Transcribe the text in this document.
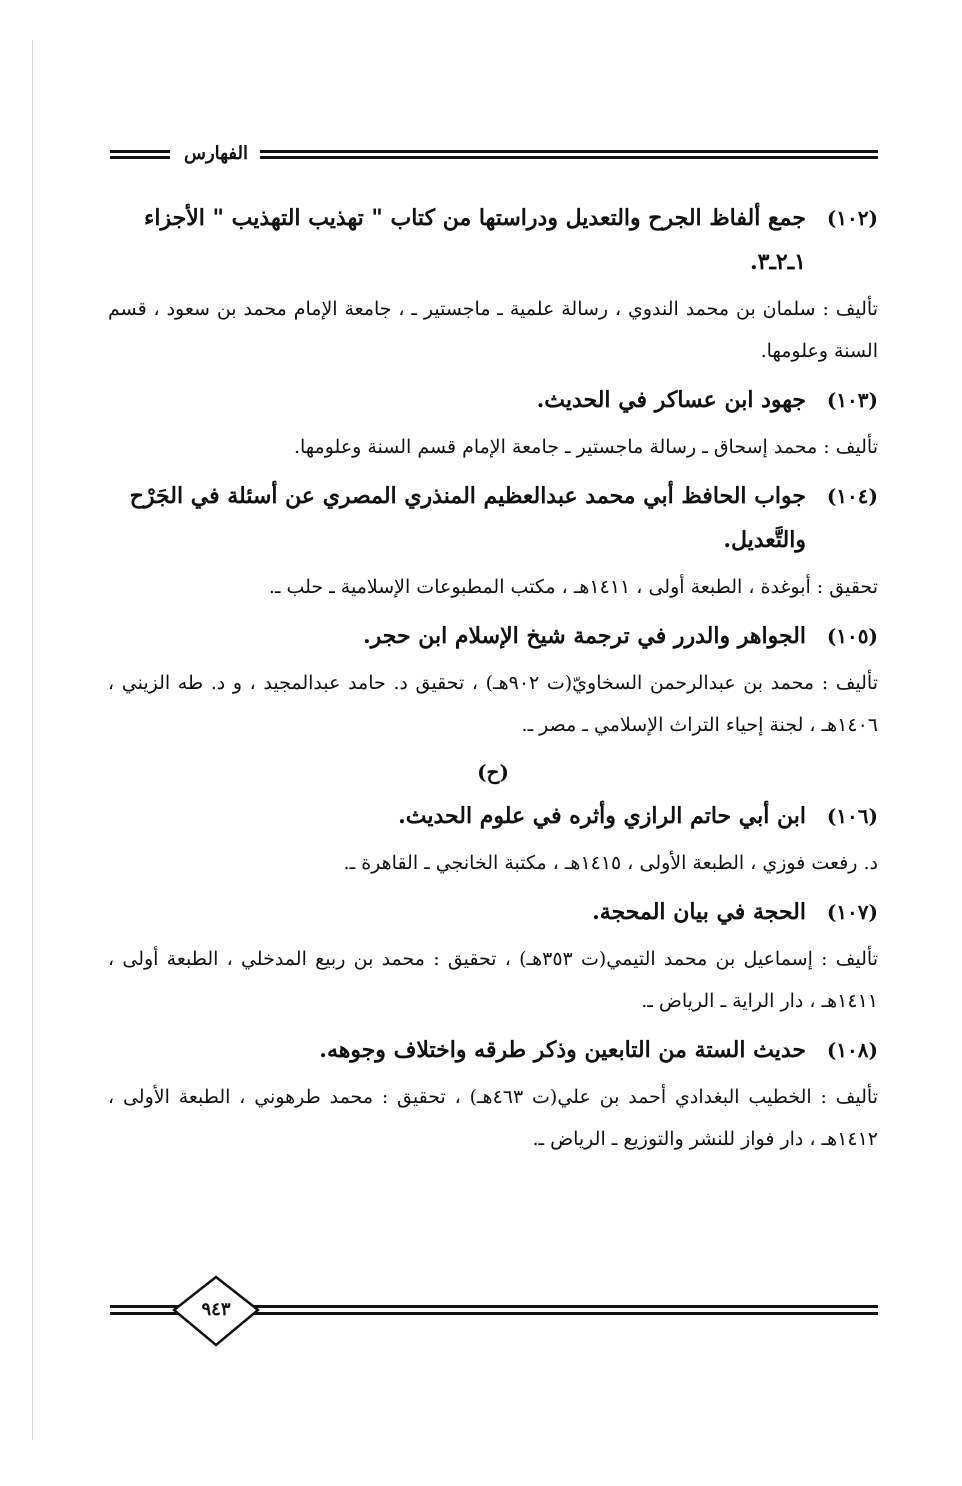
الفهارس
(١٠٢)
جمع ألفاظ الجرح والتعديل ودراستها من كتاب " تهذيب التهذيب " الأجزاء ١ـ٢ـ٣.
تأليف : سلمان بن محمد الندوي ، رسالة علمية ـ ماجستير ـ ، جامعة الإمام محمد بن سعود ، قسم السنة وعلومها.
(١٠٣)
جهود ابن عساكر في الحديث.
تأليف : محمد إسحاق ـ رسالة ماجستير ـ جامعة الإمام قسم السنة وعلومها.
(١٠٤)
جواب الحافظ أبي محمد عبدالعظيم المنذري المصري عن أسئلة في الجَرْح والتَّعديل.
تحقيق : أبوغدة ، الطبعة أولى ، ١٤١١هـ ، مكتب المطبوعات الإسلامية ـ حلب ـ.
(١٠٥)
الجواهر والدرر في ترجمة شيخ الإسلام ابن حجر.
تأليف : محمد بن عبدالرحمن السخاويّ(ت ٩٠٢هـ) ، تحقيق د. حامد عبدالمجيد ، و د. طه الزيني ، ١٤٠٦هـ ، لجنة إحياء التراث الإسلامي ـ مصر ـ.
(ح)
(١٠٦)
ابن أبي حاتم الرازي وأثره في علوم الحديث.
د. رفعت فوزي ، الطبعة الأولى ، ١٤١٥هـ ، مكتبة الخانجي ـ القاهرة ـ.
(١٠٧)
الحجة في بيان المحجة.
تأليف : إسماعيل بن محمد التيمي(ت ٣٥٣هـ) ، تحقيق : محمد بن ربيع المدخلي ، الطبعة أولى ، ١٤١١هـ ، دار الراية ـ الرياض ـ.
(١٠٨)
حديث الستة من التابعين وذكر طرقه واختلاف وجوهه.
تأليف : الخطيب البغدادي أحمد بن علي(ت ٤٦٣هـ) ، تحقيق : محمد طرهوني ، الطبعة الأولى ، ١٤١٢هـ ، دار فواز للنشر والتوزيع ـ الرياض ـ.
٩٤٣
